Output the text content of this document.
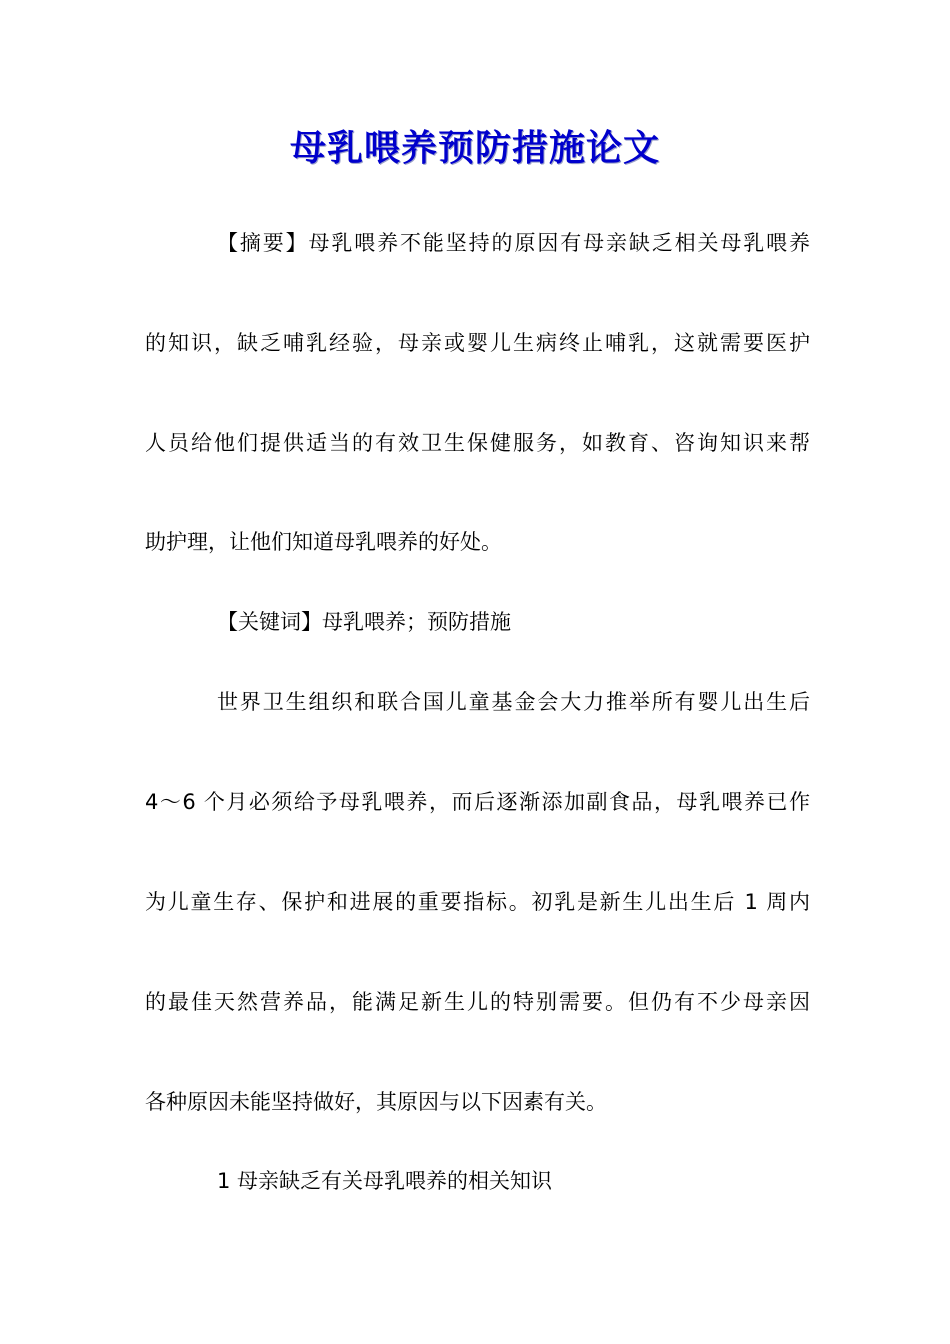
母乳喂养预防措施论文
【摘要】母乳喂养不能坚持的原因有母亲缺乏相关母乳喂养
的知识，缺乏哺乳经验，母亲或婴儿生病终止哺乳，这就需要医护
人员给他们提供适当的有效卫生保健服务，如教育、咨询知识来帮
助护理，让他们知道母乳喂养的好处。
【关键词】母乳喂养；预防措施
世界卫生组织和联合国儿童基金会大力推举所有婴儿出生后
4～6 个月必须给予母乳喂养，而后逐渐添加副食品，母乳喂养已作
为儿童生存、保护和进展的重要指标。初乳是新生儿出生后 1 周内
的最佳天然营养品，能满足新生儿的特别需要。但仍有不少母亲因
各种原因未能坚持做好，其原因与以下因素有关。
1 母亲缺乏有关母乳喂养的相关知识
